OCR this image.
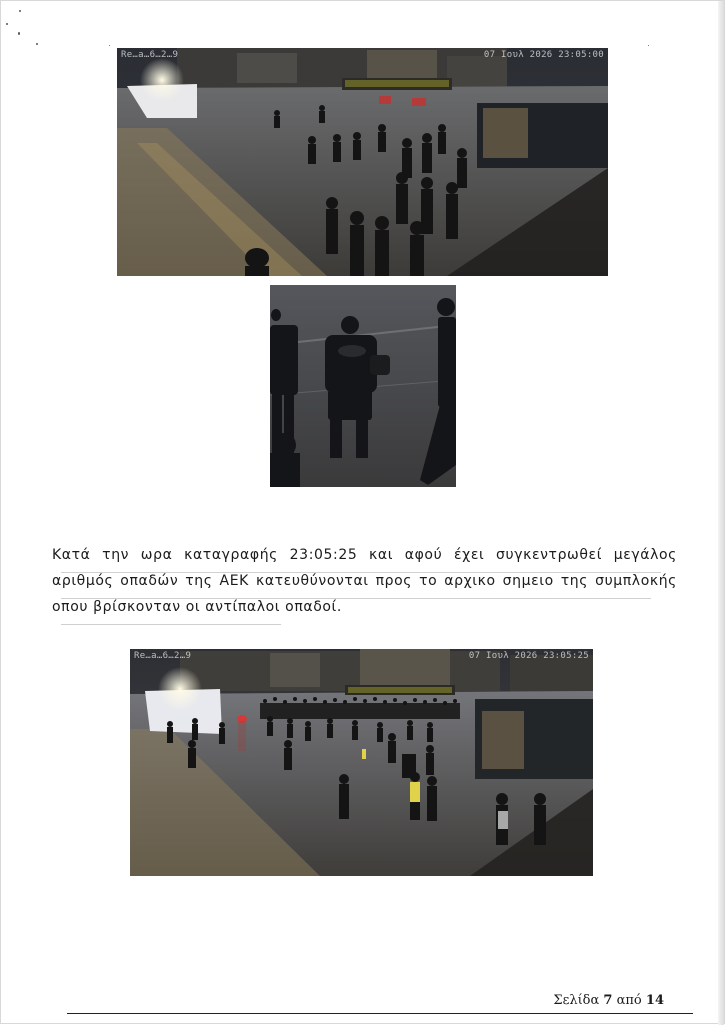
Re…a…6…2…9	07 Ιουλ 2026 23:05:00

Κατά την ωρα καταγραφής 23:05:25 και αφού έχει συγκεντρωθεί μεγάλος αριθμός οπαδών της ΑΕΚ κατευθύνονται προς το αρχικο σημειο της συμπλοκής οπου βρίσκονταν οι αντίπαλοι οπαδοί.

Re…a…6…2…9	07 Ιουλ 2026 23:05:25
Σελίδα 7 από 14
